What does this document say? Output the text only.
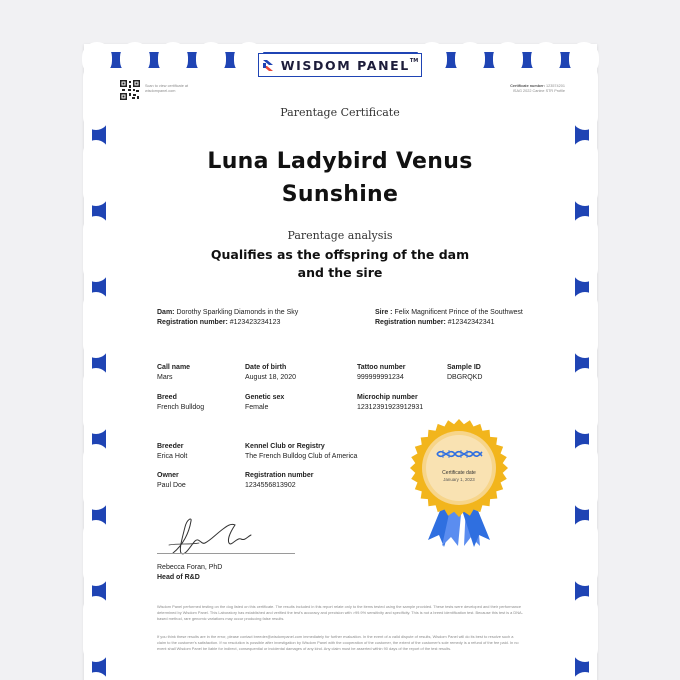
WISDOM PANEL™
Scan to view certificate at wisdompanel.com
Certificate number: 123574201
ISAG 2022 Canine STR Profile
Parentage Certificate
Luna Ladybird Venus
Sunshine
Parentage analysis
Qualifies as the offspring of the dam
and the sire
Dam: Dorothy Sparkling Diamonds in the Sky
Registration number: #123423234123
Sire : Felix Magnificent Prince of the Southwest
Registration number: #12342342341
Call name
Mars
Date of birth
August 18, 2020
Tattoo number
999999991234
Sample ID
DBGRQKD
Breed
French Bulldog
Genetic sex
Female
Microchip number
12312391923912931
Breeder
Erica Holt
Kennel Club or Registry
The French Bulldog Club of America
Owner
Paul Doe
Registration number
1234556813902
Rebecca Foran, PhD
Head of R&D
Wisdom Panel performed testing on the dog listed on this certificate. The results included in this report relate only to the items tested using the sample provided. These tests were developed and their performance determined by Wisdom Panel. This Laboratory has established and verified the test's accuracy and precision with >99.9% sensitivity and specificity. This is not a breed identification test. Because this test is a DNA-based method, rare genomic variations may occur producing false results.
If you think these results are in the error, please contact breeder@wisdompanel.com immediately for further evaluation. In the event of a valid dispute of results, Wisdom Panel will do its best to resolve such a claim to the customer's satisfaction. If no resolution is possible after investigation by Wisdom Panel with the cooperation of the customer, the extent of the customer's sole remedy is a refund of the fee paid. In no event shall Wisdom Panel be liable for indirect, consequential or incidental damages of any kind. Any claim must be asserted within 90 days of the report of the test results.
Certificate date
January 1, 2023
